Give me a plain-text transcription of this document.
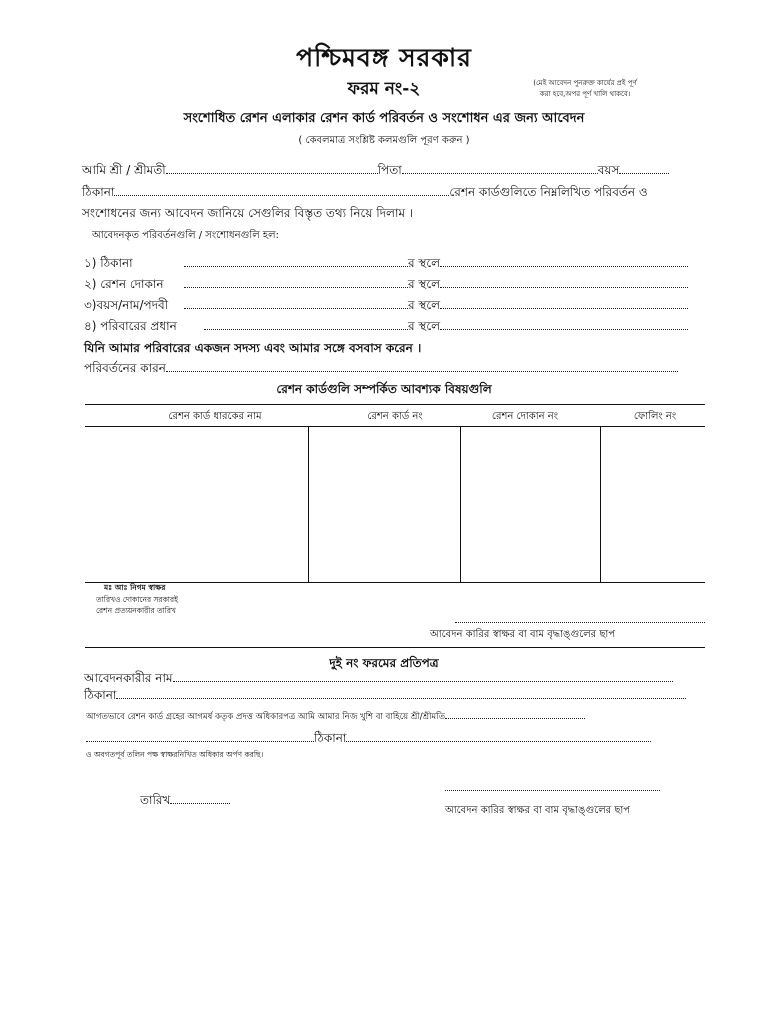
পশ্চিমবঙ্গ সরকার
ফরম নং-২	(মেই আবেদন পুনরুক্ত কার্যের প্রই পূর্ণ
করা হবে,অপর পূর্ণ খালি থাকবে।
সংশোধিত রেশন এলাকার রেশন কার্ড পরিবর্তন ও সংশোধন এর জন্য আবেদন
( কেবলমাত্র সংশ্লিষ্ট কলমগুলি পূরণ করুন )
আমি শ্রী / শ্রীমতী	পিতা	বয়স
ঠিকানা	রেশন কার্ডগুলিতে নিম্নলিখিত পরিবর্তন ও
সংশোধনের জন্য আবেদন জানিয়ে সেগুলির বিস্তৃত তথ্য নিয়ে দিলাম ।
আবেদনকৃত পরিবর্তনগুলি / সংশোধনগুলি হল:
১) ঠিকানা	র স্থলে
২) রেশন দোকান	র স্থলে
৩)বয়স/নাম/পদবী	র স্থলে
৪) পরিবারের প্রধান	র স্থলে
যিনি আমার পরিবারের একজন সদস্য এবং আমার সঙ্গে বসবাস করেন ।
পরিবর্তনের কারন
রেশন কার্ডগুলি সম্পর্কিত আবশ্যক বিষয়গুলি
রেশন কার্ড ধারকের নাম	রেশন কার্ড নং	রেশন দোকান নং	ফোলিং নং
মঃ আঃ নিগম স্বাক্ষর
তারিখও দোকানের সরকারই
রেশন প্রত্যয়নকারীর তারিখ
আবেদন কারির স্বাক্ষর বা বাম বৃদ্ধাঙ্গুলের ছাপ
দুই নং ফরমের প্রতিপত্র
আবেদনকারীর নাম
ঠিকানা
আগতভাবে রেশন কার্ড গ্রহের আগমর্ষ কতৃক প্রদত্ত অধিকারপত্র আমি আমার নিজ খুশি বা বাহিয়ে শ্রী/শ্রীমতি
ঠিকানা
ও অবগতপূর্ব তলিন পক্ষ স্বাক্ষরনিখিত অধিকার অর্পণ করছি।
তারিখ
আবেদন কারির স্বাক্ষর বা বাম বৃদ্ধাঙ্গুলের ছাপ
